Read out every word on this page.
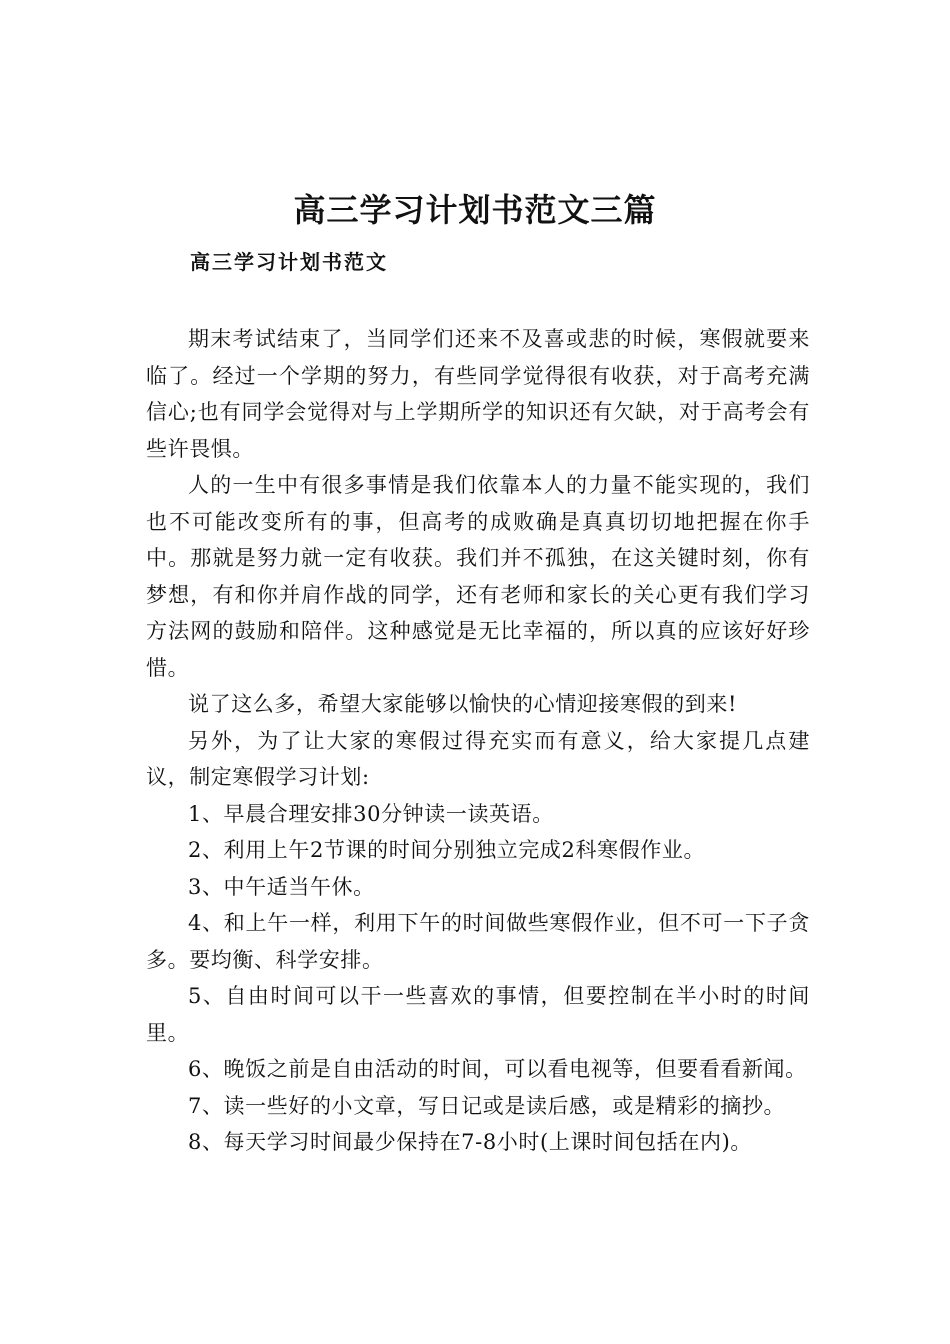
高三学习计划书范文三篇
高三学习计划书范文

期末考试结束了，当同学们还来不及喜或悲的时候，寒假就要来临了。经过一个学期的努力，有些同学觉得很有收获，对于高考充满信心;也有同学会觉得对与上学期所学的知识还有欠缺，对于高考会有些许畏惧。

人的一生中有很多事情是我们依靠本人的力量不能实现的，我们也不可能改变所有的事，但高考的成败确是真真切切地把握在你手中。那就是努力就一定有收获。我们并不孤独，在这关键时刻，你有梦想，有和你并肩作战的同学，还有老师和家长的关心更有我们学习方法网的鼓励和陪伴。这种感觉是无比幸福的，所以真的应该好好珍惜。

说了这么多，希望大家能够以愉快的心情迎接寒假的到来!

另外，为了让大家的寒假过得充实而有意义，给大家提几点建议，制定寒假学习计划:

1、早晨合理安排30分钟读一读英语。

2、利用上午2节课的时间分别独立完成2科寒假作业。

3、中午适当午休。

4、和上午一样，利用下午的时间做些寒假作业，但不可一下子贪多。要均衡、科学安排。

5、自由时间可以干一些喜欢的事情，但要控制在半小时的时间里。

6、晚饭之前是自由活动的时间，可以看电视等，但要看看新闻。

7、读一些好的小文章，写日记或是读后感，或是精彩的摘抄。

8、每天学习时间最少保持在7-8小时(上课时间包括在内)。
